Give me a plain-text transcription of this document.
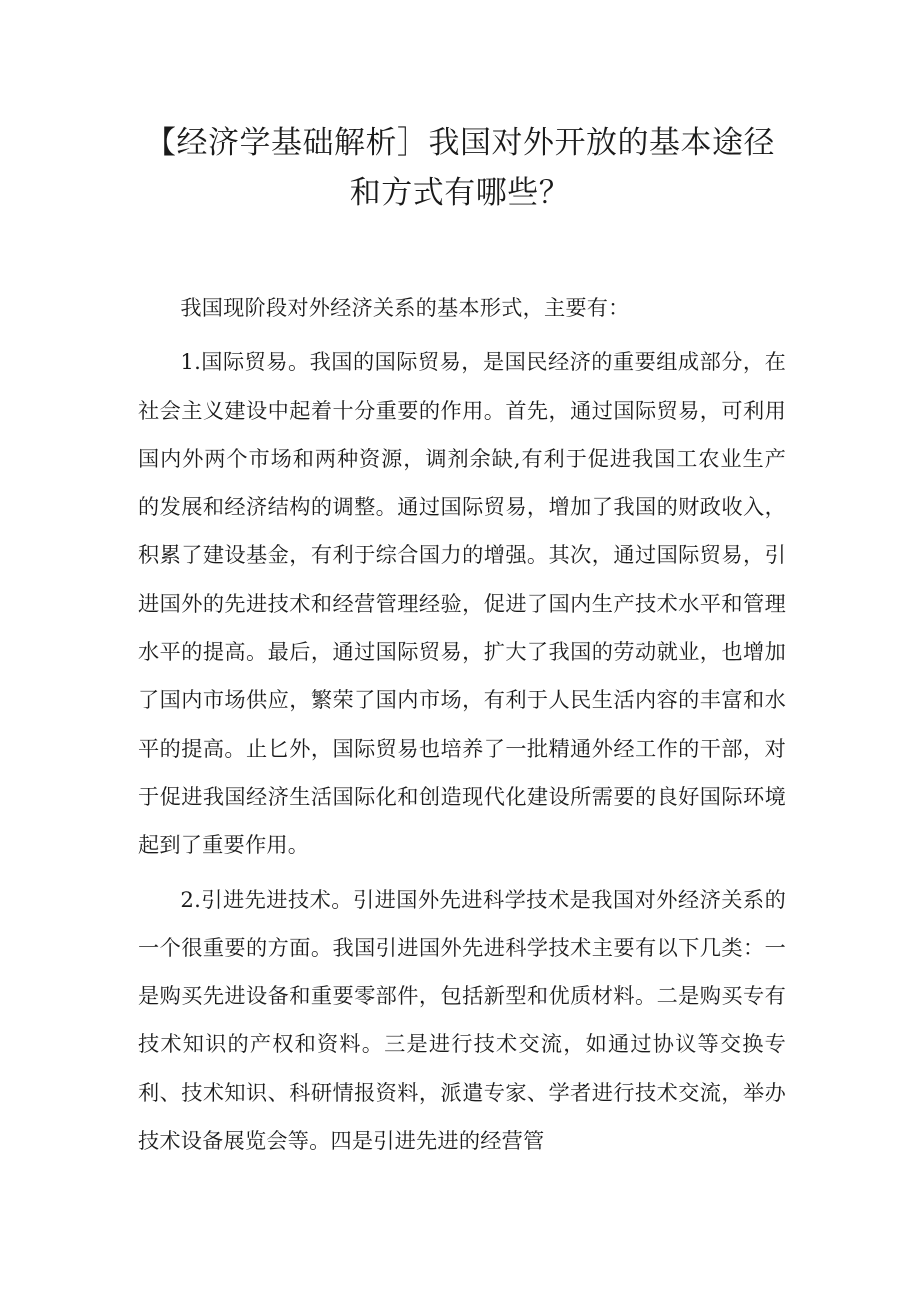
【经济学基础解析］我国对外开放的基本途径
和方式有哪些？

我国现阶段对外经济关系的基本形式，主要有：

1.国际贸易。我国的国际贸易，是国民经济的重要组成部分，在社会主义建设中起着十分重要的作用。首先，通过国际贸易，可利用国内外两个市场和两种资源，调剂余缺,有利于促进我国工农业生产的发展和经济结构的调整。通过国际贸易，增加了我国的财政收入，积累了建设基金，有利于综合国力的增强。其次，通过国际贸易，引进国外的先进技术和经营管理经验，促进了国内生产技术水平和管理水平的提高。最后，通过国际贸易，扩大了我国的劳动就业，也增加了国内市场供应，繁荣了国内市场，有利于人民生活内容的丰富和水平的提高。止匕外，国际贸易也培养了一批精通外经工作的干部，对于促进我国经济生活国际化和创造现代化建设所需要的良好国际环境起到了重要作用。

2.引进先进技术。引进国外先进科学技术是我国对外经济关系的一个很重要的方面。我国引进国外先进科学技术主要有以下几类：一是购买先进设备和重要零部件，包括新型和优质材料。二是购买专有技术知识的产权和资料。三是进行技术交流，如通过协议等交换专利、技术知识、科研情报资料，派遣专家、学者进行技术交流，举办技术设备展览会等。四是引进先进的经营管
